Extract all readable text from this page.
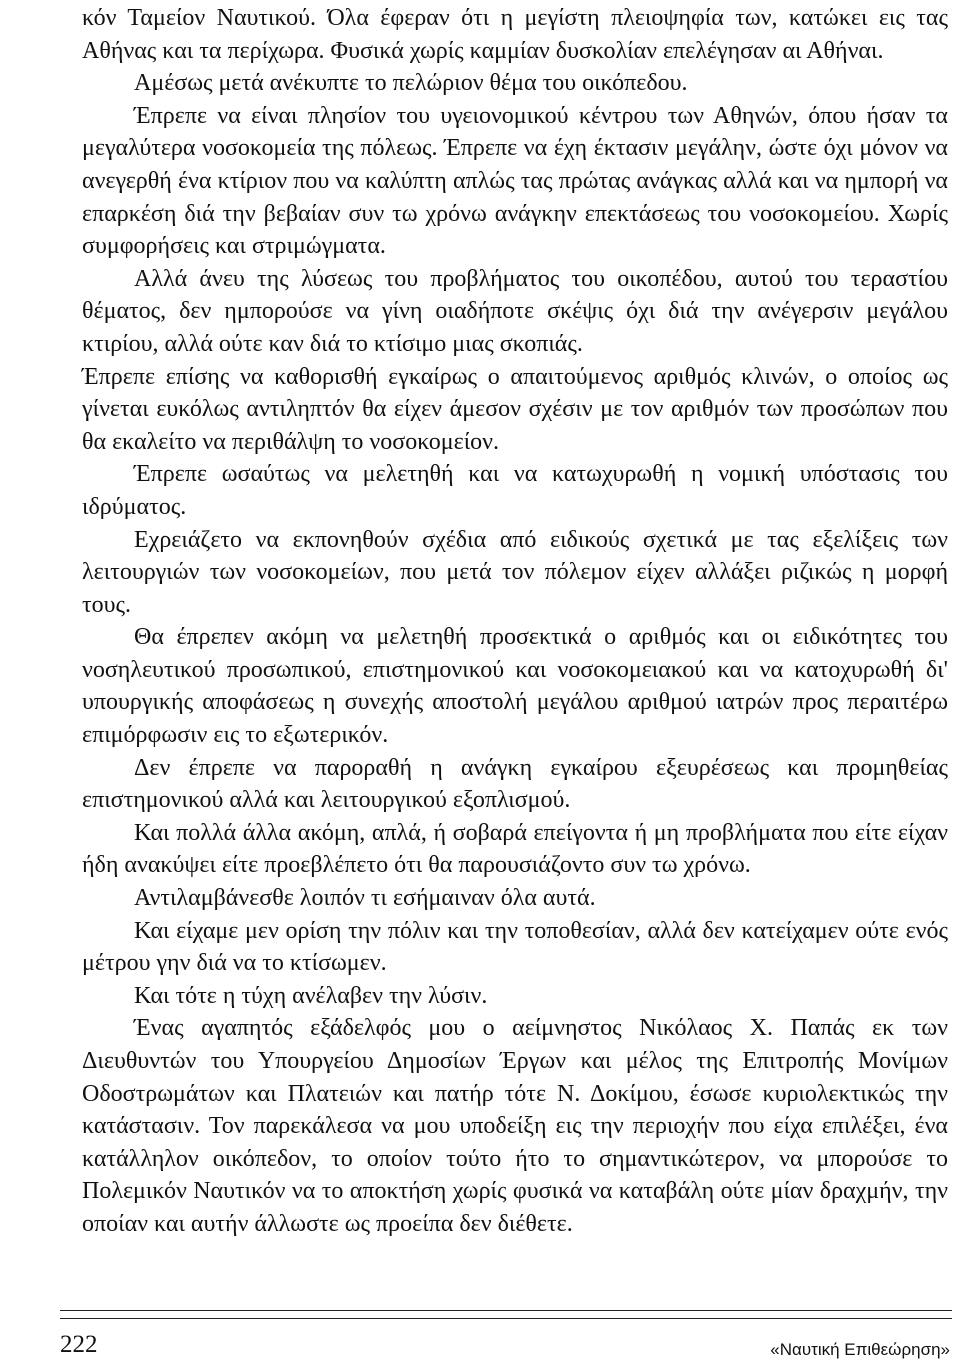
κόν Ταμείον Ναυτικού. Όλα έφεραν ότι η μεγίστη πλειοψηφία των, κατώκει εις τας Αθήνας και τα περίχωρα. Φυσικά χωρίς καμμίαν δυσκολίαν επελέγησαν αι Αθήναι.

Αμέσως μετά ανέκυπτε το πελώριον θέμα του οικόπεδου.

Έπρεπε να είναι πλησίον του υγειονομικού κέντρου των Αθηνών, όπου ήσαν τα μεγαλύτερα νοσοκομεία της πόλεως. Έπρεπε να έχη έκτασιν μεγάλην, ώστε όχι μόνον να ανεγερθή ένα κτίριον που να καλύπτη απλώς τας πρώτας ανάγκας αλλά και να ημπορή να επαρκέση διά την βεβαίαν συν τω χρόνω ανάγκην επεκτάσεως του νοσοκομείου. Χωρίς συμφορήσεις και στριμώγματα.

Αλλά άνευ της λύσεως του προβλήματος του οικοπέδου, αυτού του τεραστίου θέματος, δεν ημπορούσε να γίνη οιαδήποτε σκέψις όχι διά την ανέγερσιν μεγάλου κτιρίου, αλλά ούτε καν διά το κτίσιμο μιας σκοπιάς.

Έπρεπε επίσης να καθορισθή εγκαίρως ο απαιτούμενος αριθμός κλινών, ο οποίος ως γίνεται ευκόλως αντιληπτόν θα είχεν άμεσον σχέσιν με τον αριθμόν των προσώπων που θα εκαλείτο να περιθάλψη το νοσοκομείον.

Έπρεπε ωσαύτως να μελετηθή και να κατωχυρωθή η νομική υπόστασις του ιδρύματος.

Εχρειάζετο να εκπονηθούν σχέδια από ειδικούς σχετικά με τας εξελίξεις των λειτουργιών των νοσοκομείων, που μετά τον πόλεμον είχεν αλλάξει ριζικώς η μορφή τους.

Θα έπρεπεν ακόμη να μελετηθή προσεκτικά ο αριθμός και οι ειδικότητες του νοσηλευτικού προσωπικού, επιστημονικού και νοσοκομειακού και να κατοχυρωθή δι' υπουργικής αποφάσεως η συνεχής αποστολή μεγάλου αριθμού ιατρών προς περαιτέρω επιμόρφωσιν εις το εξωτερικόν.

Δεν έπρεπε να παροραθή η ανάγκη εγκαίρου εξευρέσεως και προμηθείας επιστημονικού αλλά και λειτουργικού εξοπλισμού.

Και πολλά άλλα ακόμη, απλά, ή σοβαρά επείγοντα ή μη προβλήματα που είτε είχαν ήδη ανακύψει είτε προεβλέπετο ότι θα παρουσιάζοντο συν τω χρόνω.

Αντιλαμβάνεσθε λοιπόν τι εσήμαιναν όλα αυτά.

Και είχαμε μεν ορίση την πόλιν και την τοποθεσίαν, αλλά δεν κατείχαμεν ούτε ενός μέτρου γην διά να το κτίσωμεν.

Και τότε η τύχη ανέλαβεν την λύσιν.

Ένας αγαπητός εξάδελφός μου ο αείμνηστος Νικόλαος Χ. Παπάς εκ των Διευθυντών του Υπουργείου Δημοσίων Έργων και μέλος της Επιτροπής Μονίμων Οδοστρωμάτων και Πλατειών και πατήρ τότε Ν. Δοκίμου, έσωσε κυριολεκτικώς την κατάστασιν. Τον παρεκάλεσα να μου υποδείξη εις την περιοχήν που είχα επιλέξει, ένα κατάλληλον οικόπεδον, το οποίον τούτο ήτο το σημαντικώτερον, να μπορούσε το Πολεμικόν Ναυτικόν να το αποκτήση χωρίς φυσικά να καταβάλη ούτε μίαν δραχμήν, την οποίαν και αυτήν άλλωστε ως προείπα δεν διέθετε.

222	«Ναυτική Επιθεώρηση»
